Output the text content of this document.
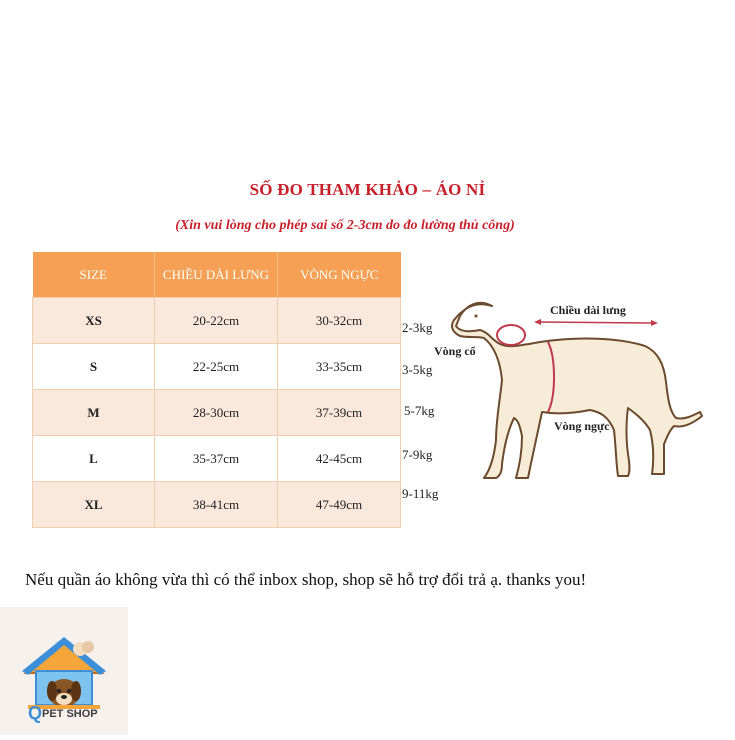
SỐ ĐO THAM KHẢO – ÁO NỈ
(Xin vui lòng cho phép sai số 2-3cm do đo lường thủ công)
SIZE	CHIỀU DÀI LƯNG	VÒNG NGỰC
XS	20-22cm	30-32cm
S	22-25cm	33-35cm
M	28-30cm	37-39cm
L	35-37cm	42-45cm
XL	38-41cm	47-49cm
2-3kg
3-5kg
5-7kg
7-9kg
9-11kg
Chiều dài lưng
Vòng cổ
Vòng ngực
Nếu quần áo không vừa thì có thể inbox shop, shop sẽ hỗ trợ đổi trả ạ. thanks you!
Q PET SHOP
